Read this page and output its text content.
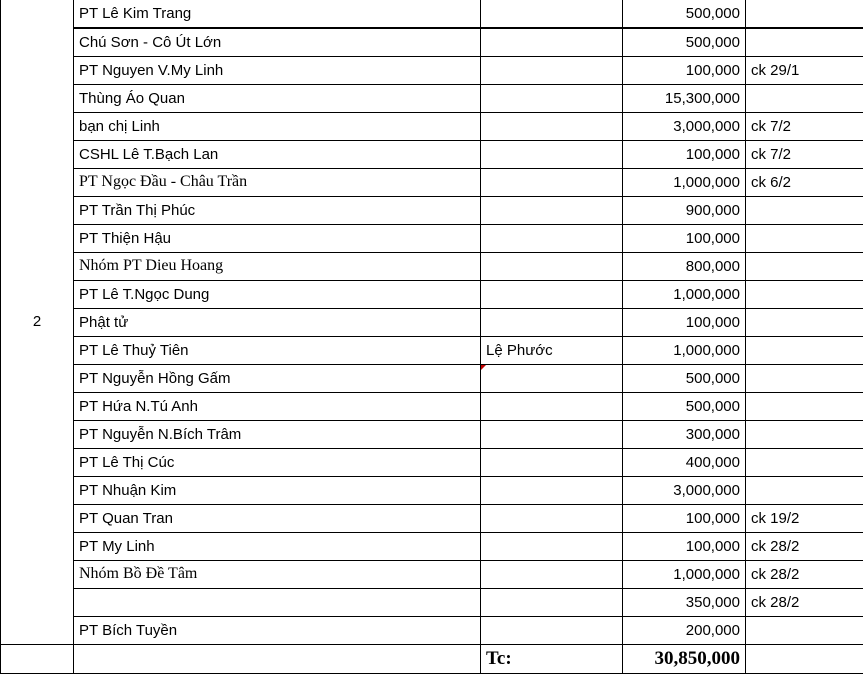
2	PT Lê Kim Trang		500,000	
	Chú Sơn - Cô Út Lớn		500,000	
	PT Nguyen V.My Linh		100,000	ck 29/1
	Thùng Áo Quan		15,300,000	
	bạn chị Linh		3,000,000	ck 7/2
	CSHL Lê T.Bạch Lan		100,000	ck 7/2
	PT Ngọc Đầu - Châu Trần		1,000,000	ck 6/2
	PT Trần Thị Phúc		900,000	
	PT Thiện Hậu		100,000	
	Nhóm PT Dieu Hoang		800,000	
	PT Lê T.Ngọc Dung		1,000,000	
	Phật tử		100,000	
	PT Lê Thuỷ Tiên	Lệ Phước	1,000,000	
	PT Nguyễn Hồng Gấm		500,000	
	PT Hứa N.Tú Anh		500,000	
	PT Nguyễn N.Bích Trâm		300,000	
	PT Lê Thị Cúc		400,000	
	PT Nhuận Kim		3,000,000	
	PT Quan Tran		100,000	ck 19/2
	PT My Linh		100,000	ck 28/2
	Nhóm Bồ Đề Tâm		1,000,000	ck 28/2
			350,000	ck 28/2
	PT Bích Tuyền		200,000	
		Tc:	30,850,000	
